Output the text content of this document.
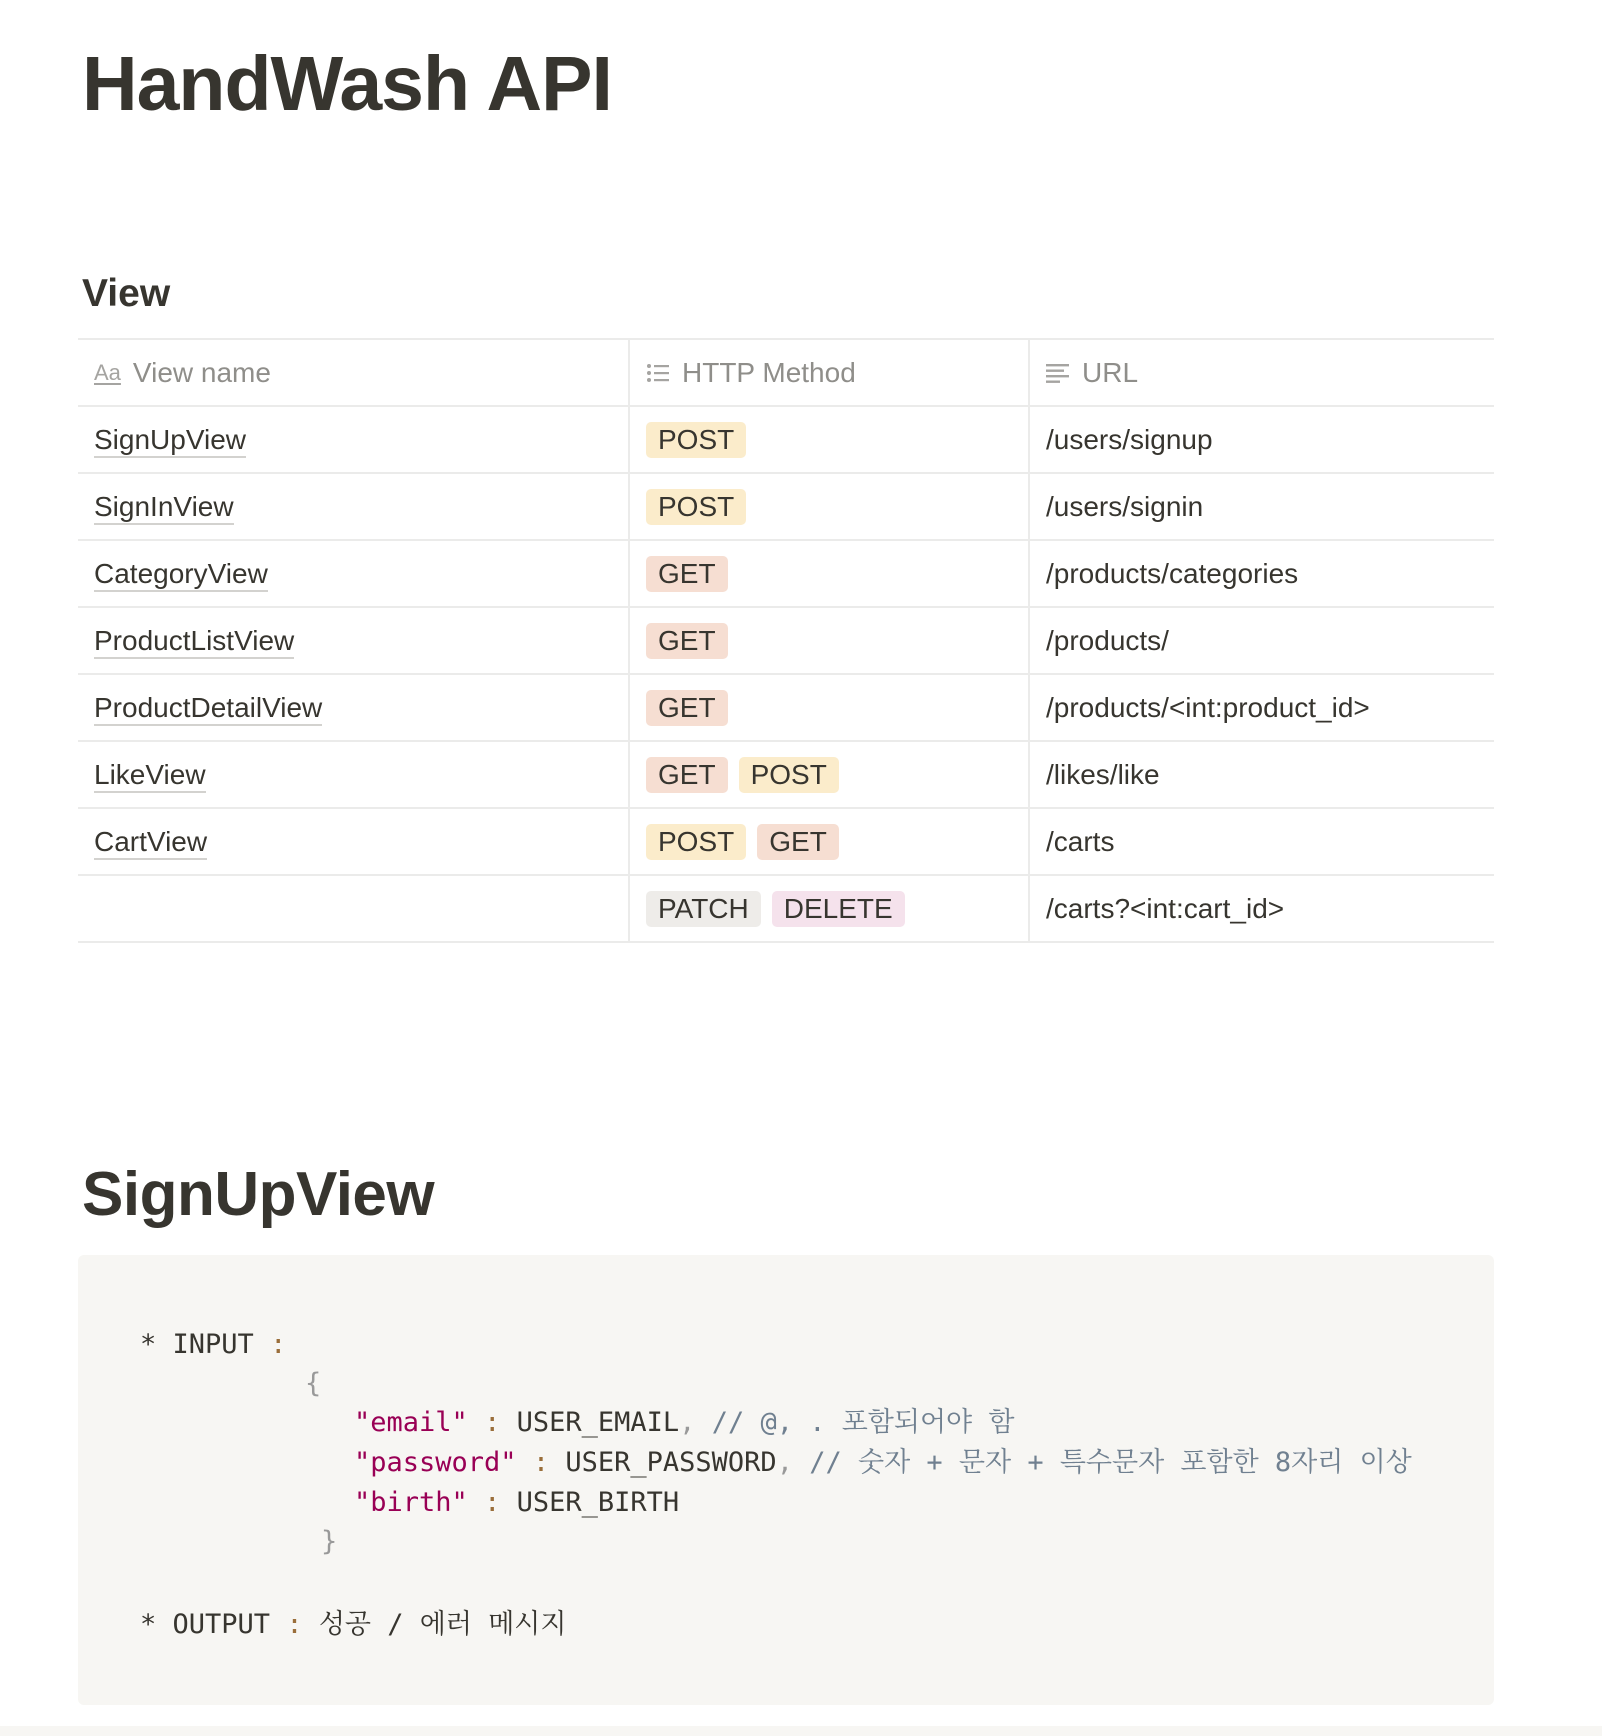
HandWash API
View
Aa View name	HTTP Method	URL

SignUpView	POST	/users/signup
SignInView	POST	/users/signin
CategoryView	GET	/products/categories
ProductListView	GET	/products/
ProductDetailView	GET	/products/<int:product_id>
LikeView	GET POST	/likes/like
CartView	POST GET	/carts
	PATCH DELETE	/carts?<int:cart_id>
SignUpView
* INPUT :
{
"email" : USER_EMAIL, // @, . 포함되어야 함
"password" : USER_PASSWORD, // 숫자 + 문자 + 특수문자 포함한 8자리 이상
"birth" : USER_BIRTH
}
* OUTPUT : 성공 / 에러 메시지
